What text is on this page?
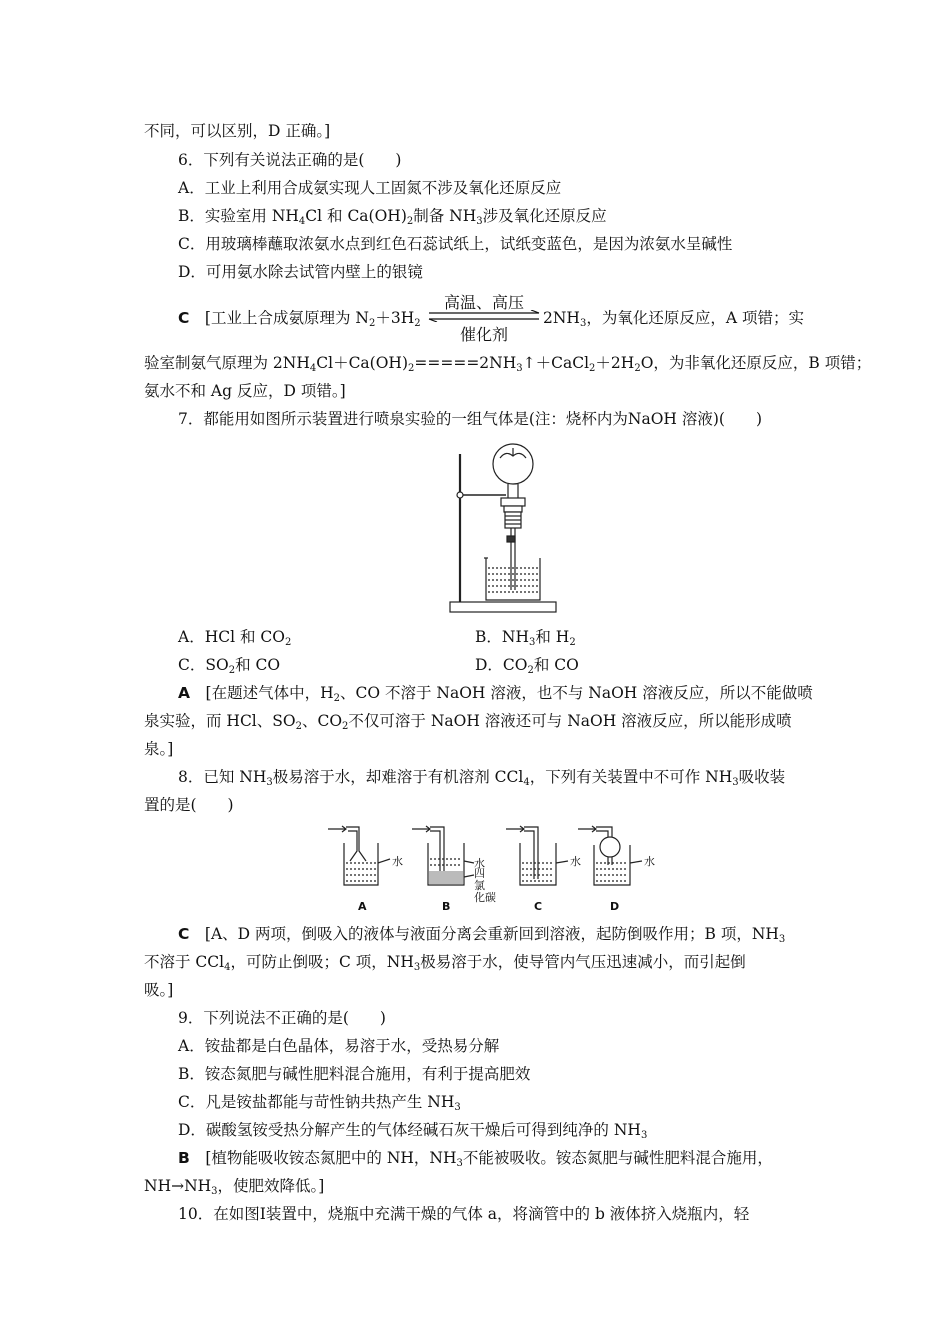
不同，可以区别，D 正确。]
6．下列有关说法正确的是(　　)
A．工业上利用合成氨实现人工固氮不涉及氧化还原反应
B．实验室用 $NH_4Cl$ 和 $Ca(OH)_2$制备 $NH_3$涉及氧化还原反应
C．用玻璃棒蘸取浓氨水点到红色石蕊试纸上，试纸变蓝色，是因为浓氨水呈碱性
D．可用氨水除去试管内壁上的银镜
C　 [工业上合成氨原理为 $N_2+3H_2$
高温、高压
催化剂
$2NH_3$，为氧化还原反应，A 项错；实
验室制氨气原理为 $2NH_4Cl+Ca(OH)_2=====2NH_3↑+CaCl_2+2H_2O$，为非氧化还原反应，B 项错；
氨水不和 Ag 反应，D 项错。]
7．都能用如图所示装置进行喷泉实验的一组气体是(注：烧杯内为NaOH 溶液)(　　)
A．HCl 和 $CO_2$	B．$NH_3$和 $H_2$
C．$SO_2$和 CO	D．$CO_2$和 CO
A　 [在题述气体中，$H_2$、CO 不溶于 NaOH 溶液，也不与 NaOH 溶液反应，所以不能做喷
泉实验，而 HCl、$SO_2$、$CO_2$不仅可溶于 NaOH 溶液还可与 NaOH 溶液反应，所以能形成喷
泉。]
8．已知 $NH_3$极易溶于水，却难溶于有机溶剂 CCl$_4$，下列有关装置中不可作 $NH_3$吸收装
置的是(　　)
水	水
四
氯
化碳
水	水
A	B	C	D
C　 [A、D 两项，倒吸入的液体与液面分离会重新回到溶液，起防倒吸作用；B 项，$NH_3$
不溶于 CCl$_4$，可防止倒吸；C 项，$NH_3$极易溶于水，使导管内气压迅速减小，而引起倒
吸。]
9．下列说法不正确的是(　　)
A．铵盐都是白色晶体，易溶于水，受热易分解
B．铵态氮肥与碱性肥料混合施用，有利于提高肥效
C．凡是铵盐都能与苛性钠共热产生 $NH_3$
D．碳酸氢铵受热分解产生的气体经碱石灰干燥后可得到纯净的 $NH_3$
B　 [植物能吸收铵态氮肥中的 NH，$NH_3$不能被吸收。铵态氮肥与碱性肥料混合施用，
$NH\to NH_3$，使肥效降低。]
10．在如图Ⅰ装置中，烧瓶中充满干燥的气体 a，将滴管中的 b 液体挤入烧瓶内，轻
